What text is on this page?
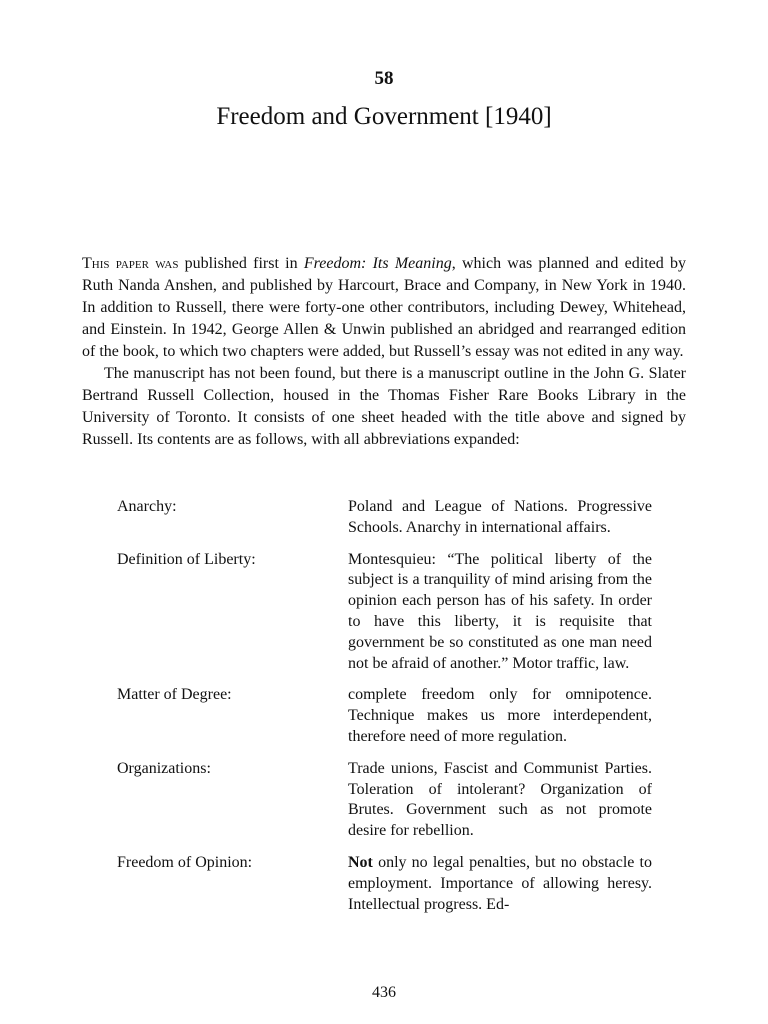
58
Freedom and Government [1940]

This paper was published first in Freedom: Its Meaning, which was planned and edited by Ruth Nanda Anshen, and published by Harcourt, Brace and Company, in New York in 1940. In addition to Russell, there were forty-one other contributors, including Dewey, Whitehead, and Einstein. In 1942, George Allen & Unwin published an abridged and rearranged edition of the book, to which two chapters were added, but Russell’s essay was not edited in any way.

The manuscript has not been found, but there is a manuscript outline in the John G. Slater Bertrand Russell Collection, housed in the Thomas Fisher Rare Books Library in the University of Toronto. It consists of one sheet headed with the title above and signed by Russell. Its contents are as follows, with all abbreviations expanded:

Anarchy:	Poland and League of Nations. Progressive Schools. Anarchy in international affairs.
Definition of Liberty:	Montesquieu: “The political liberty of the subject is a tranquility of mind arising from the opinion each person has of his safety. In order to have this liberty, it is requisite that government be so constituted as one man need not be afraid of another.” Motor traffic, law.
Matter of Degree:	complete freedom only for omnipotence. Technique makes us more interdependent, therefore need of more regulation.
Organizations:	Trade unions, Fascist and Communist Parties. Toleration of intolerant? Organization of Brutes. Government such as not promote desire for rebellion.
Freedom of Opinion:	Not only no legal penalties, but no obstacle to employment. Importance of allowing heresy. Intellectual progress. Ed-
436
